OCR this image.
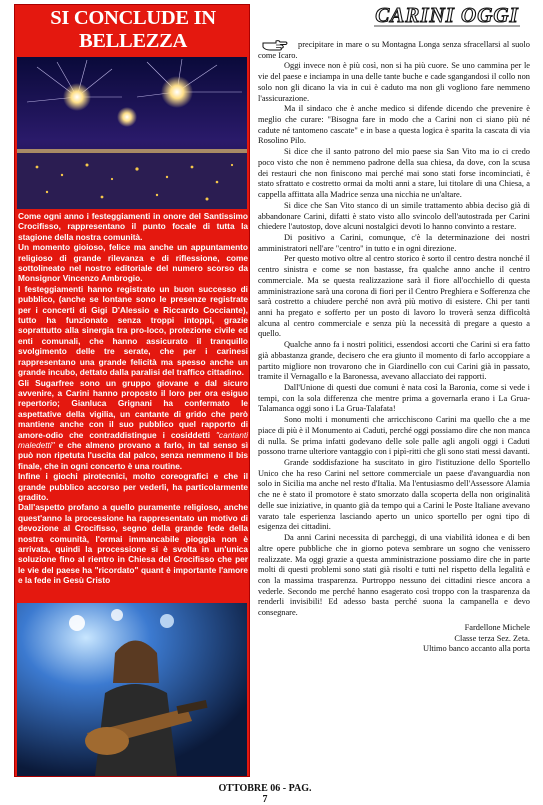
CARINI OGGI
SI CONCLUDE IN BELLEZZA

Come ogni anno i festeggiamenti in onore del Santissimo Crocifisso, rappresentano il punto focale di tutta la stagione della nostra comunità.

Un momento gioioso, felice ma anche un appuntamento religioso di grande rilevanza e di riflessione, come sottolineato nel nostro editoriale del numero scorso da Monsignor Vincenzo Ambrogio.

I festeggiamenti hanno registrato un buon successo di pubblico, (anche se lontane sono le presenze registrate per i concerti di Gigi D'Alessio e Riccardo Cocciante), tutto ha funzionato senza troppi intoppi, grazie soprattutto alla sinergia tra pro-loco, protezione civile ed enti comunali, che hanno assicurato il tranquillo svolgimento delle tre serate, che per i carinesi rappresentano una grande felicità ma spesso anche un grande incubo, dettato dalla paralisi del traffico cittadino.

Gli Sugarfree sono un gruppo giovane e dal sicuro avvenire, a Carini hanno proposto il loro per ora esiguo repertorio; Gianluca Grignani ha confermato le aspettative della vigilia, un cantante di grido che però mantiene anche con il suo pubblico quel rapporto di amore-odio che contraddistingue i cosiddetti "cantanti maledetti" e che almeno provano a farlo, in tal senso sì può non ripetuta l'uscita dal palco, senza nemmeno il bis finale, che in ogni concerto è una routine.

Infine i giochi pirotecnici, molto coreografici e che il grande pubblico accorso per vederli, ha particolarmente gradito.

Dall'aspetto profano a quello puramente religioso, anche quest'anno la processione ha rappresentato un motivo di devozione al Crocifisso, segno della grande fede della nostra comunità, l'ormai immancabile pioggia non è arrivata, quindi la processione si è svolta in un'unica soluzione fino al rientro in Chiesa del Crocifisso che per le vie del paese ha "ricordato" quant è importante l'amore e la fede in Gesù Cristo

precipitare in mare o su Montagna Longa senza sfracellarsi al suolo come Icaro.

Oggi invece non è più così, non si ha più cuore. Se uno cammina per le vie del paese e inciampa in una delle tante buche e cade sgangandosi il collo non solo non gli dicano la via in cui è caduto ma non gli vogliono fare nemmeno l'assicurazione.

Ma il sindaco che è anche medico si difende dicendo che prevenire è meglio che curare: "Bisogna fare in modo che a Carini non ci siano più né cadute né tantomeno cascate" e in base a questa logica è sparita la cascata di via Rosolino Pilo.

Si dice che il santo patrono del mio paese sia San Vito ma io ci credo poco visto che non è nemmeno padrone della sua chiesa, da dove, con la scusa dei restauri che non finiscono mai perché mai sono stati forse incominciati, è stato sfrattato e costretto ormai da molti anni a stare, lui titolare di una Chiesa, a cappella affittata alla Madrice senza una nicchia ne un'altare.

Si dice che San Vito stanco di un simile trattamento abbia deciso già di abbandonare Carini, difatti è stato visto allo svincolo dell'autostrada per Carini chiedere l'autostop, dove alcuni nostalgici devoti lo hanno convinto a restare.

Di positivo a Carini, comunque, c'è la determinazione dei nostri amministratori nell'are "centro" in tutto e in ogni direzione.

Per questo motivo oltre al centro storico è sorto il centro destra nonché il centro sinistra e come se non bastasse, fra qualche anno anche il centro commerciale. Ma se questa realizzazione sarà il fiore all'occhiello di questa amministrazione sarà una corona di fiori per il Centro Preghiera e Sofferenza che sarà costretto a chiudere perché non avrà più motivo di esistere. Chi per tanti anni ha pregato e sofferto per un posto di lavoro lo troverà senza difficoltà alcuna al centro commerciale e senza più la necessità di pregare a questo a quello.

Qualche anno fa i nostri politici, essendosi accorti che Carini si era fatto già abbastanza grande, decisero che era giunto il momento di farlo accoppiare a partito migliore non trovarono che in Giardinello con cui Carini già in passato, tramite il Vernagallo e la Baronessa, avevano allacciato dei rapporti.

Dall'Unione di questi due comuni è nata così la Baronia, come si vede i tempi, con la sola differenza che mentre prima a governarla erano i La Grua-Talamanca oggi sono i La Grua-Talafata!

Sono molti i monumenti che arricchiscono Carini ma quello che a me piace di più è il Monumento ai Caduti, perché oggi possiamo dire che non manca di nulla. Se prima infatti godevano delle sole palle agli angoli oggi i Caduti possono trarne ulteriore vantaggio con i pipì-ritti che gli sono stati messi davanti.

Grande soddisfazione ha suscitato in giro l'istituzione dello Sportello Unico che ha reso Carini nel settore commerciale un paese d'avanguardia non solo in Sicilia ma anche nel resto d'Italia. Ma l'entusiasmo dell'Assessore Alamia che ne è stato il promotore è stato smorzato dalla scoperta della non originalità delle sue iniziative, in quanto già da tempo qui a Carini le Poste Italiane avevano varato tale esperienza lasciando aperto un unico sportello per ogni tipo di esigenza dei cittadini.

Da anni Carini necessita di parcheggi, di una viabilità idonea e di ben altre opere pubbliche che in giorno poteva sembrare un sogno che venissero realizzate. Ma oggi grazie a questa amministrazione possiamo dire che in parte molti di questi problemi sono stati già risolti e tutti nel rispetto della legalità e con la massima trasparenza. Purtroppo nessuno dei cittadini riesce ancora a vederle. Secondo me perché hanno esagerato così troppo con la trasparenza da renderli invisibili! Ed adesso basta perché suona la campanella e devo consegnare.

Fardellone Michele
Classe terza Sez. Zeta.
Ultimo banco accanto alla porta
OTTOBRE 06 - PAG. 7
